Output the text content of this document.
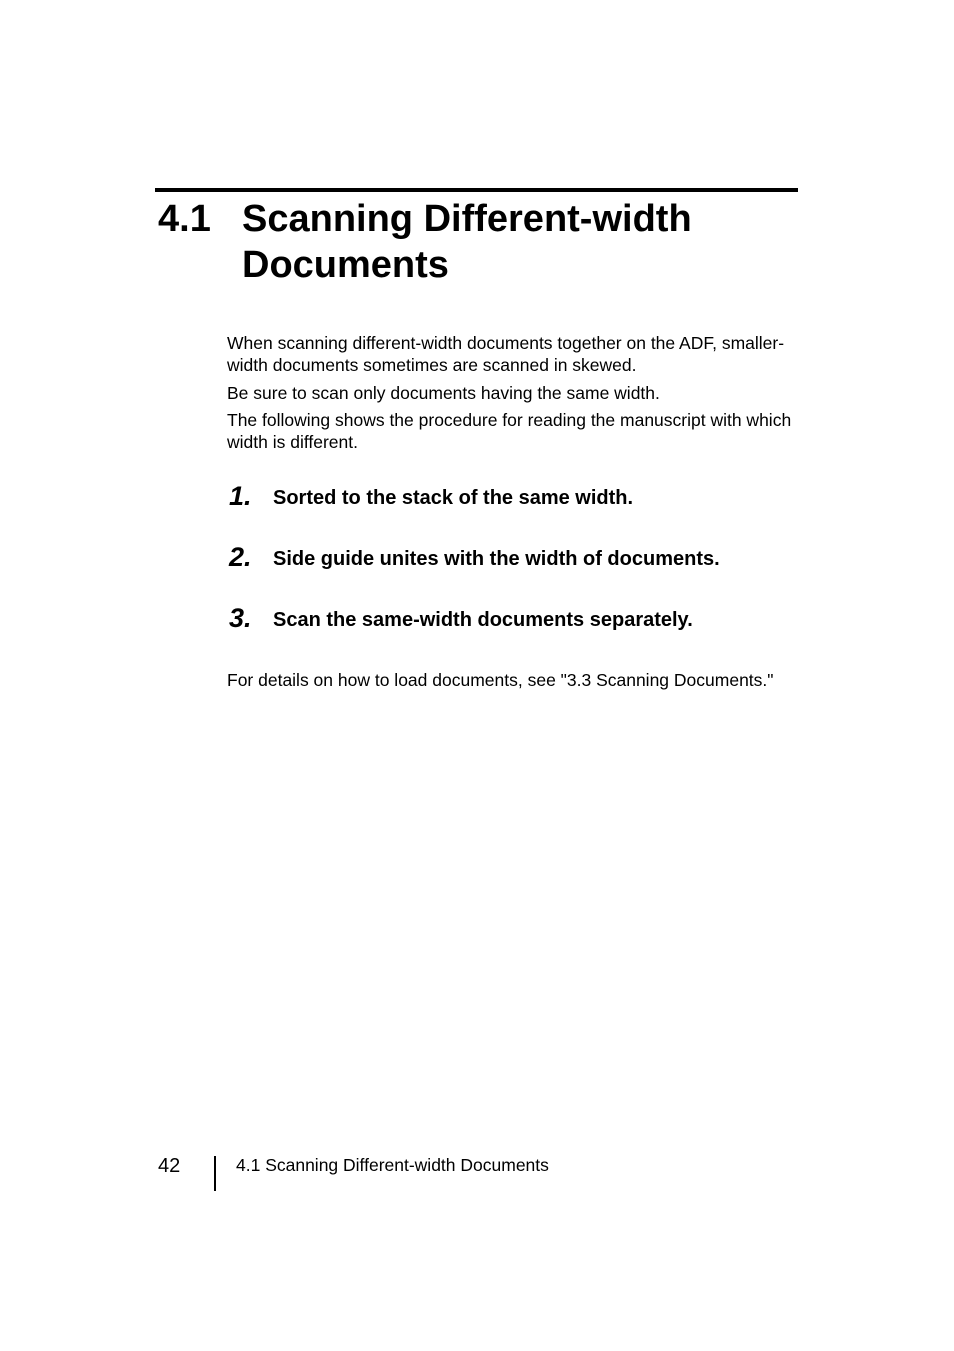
4.1 Scanning Different-width Documents

When scanning different-width documents together on the ADF, smaller-width documents sometimes are scanned in skewed.

Be sure to scan only documents having the same width.

The following shows the procedure for reading the manuscript with which width is different.

1. Sorted to the stack of the same width.
2. Side guide unites with the width of documents.
3. Scan the same-width documents separately.

For details on how to load documents, see "3.3 Scanning Documents."

42	4.1 Scanning Different-width Documents
